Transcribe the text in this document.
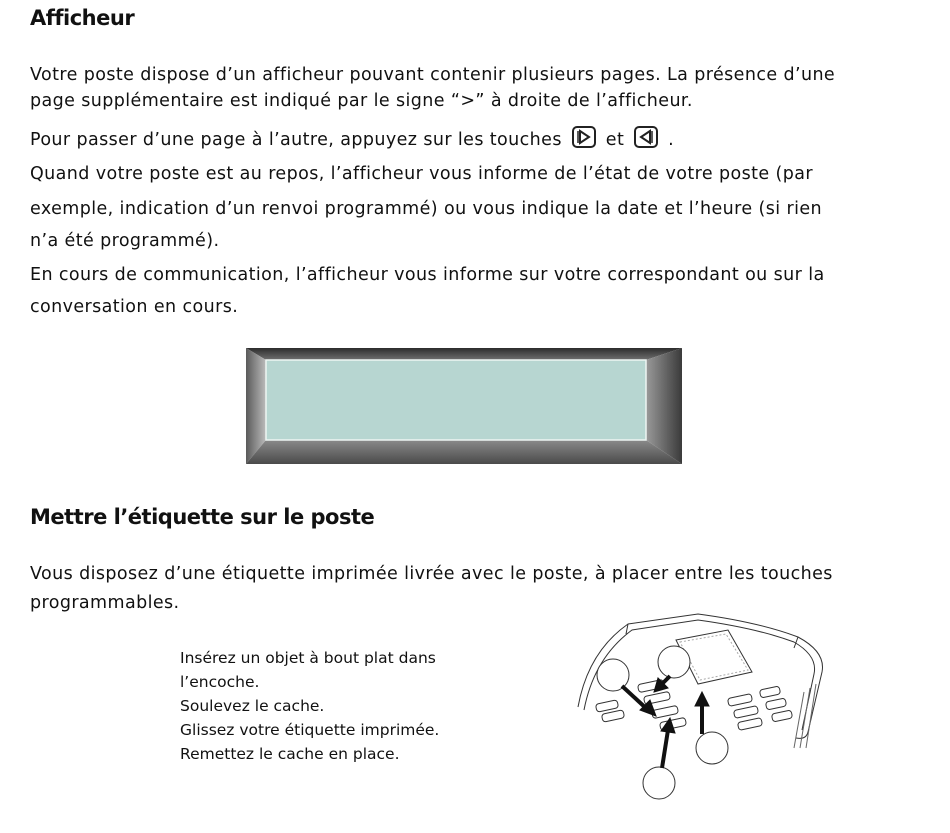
Afficheur
Votre poste dispose d’un afficheur pouvant contenir plusieurs pages. La présence d’une
page supplémentaire est indiqué par le signe “>” à droite de l’afficheur.
Pour passer d’une page à l’autre, appuyez sur les touches	et	.
Quand votre poste est au repos, l’afficheur vous informe de l’état de votre poste (par
exemple, indication d’un renvoi programmé) ou vous indique la date et l’heure (si rien
n’a été programmé).
En cours de communication, l’afficheur vous informe sur votre correspondant ou sur la
conversation en cours.
Mettre l’étiquette sur le poste
Vous disposez d’une étiquette imprimée livrée avec le poste, à placer entre les touches
programmables.
Insérez un objet à bout plat dans
l’encoche.
Soulevez le cache.
Glissez votre étiquette imprimée.
Remettez le cache en place.
